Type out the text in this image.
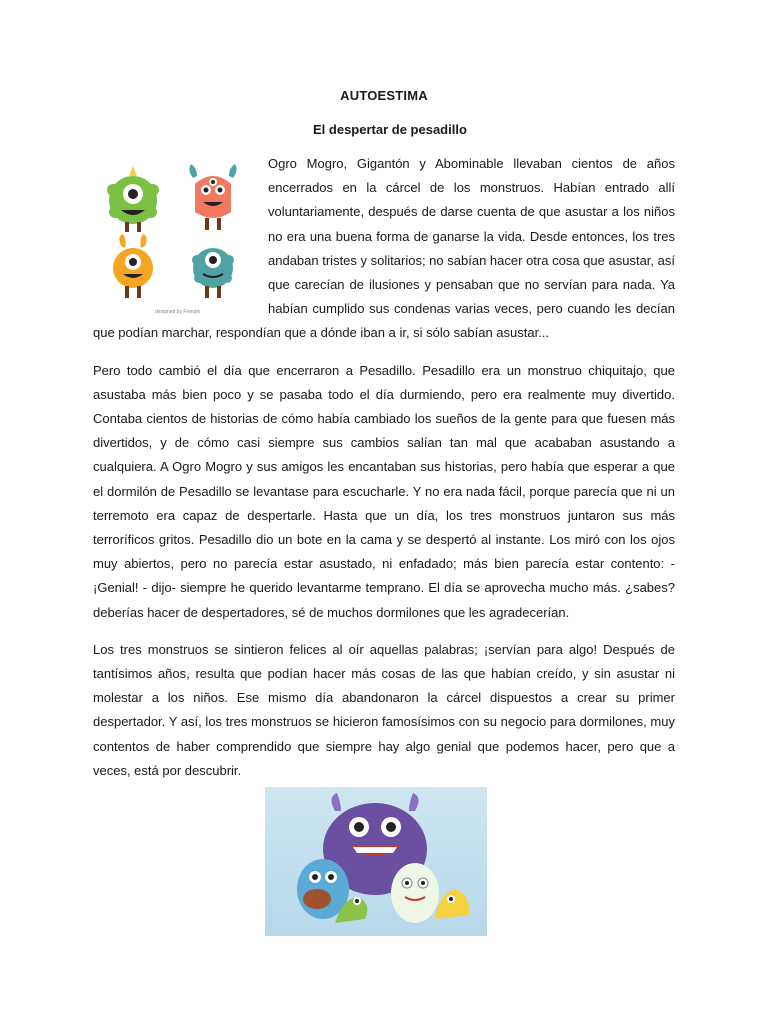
AUTOESTIMA
El despertar de pesadillo
designed by Freepik

Ogro Mogro, Gigantón y Abominable llevaban cientos de años encerrados en la cárcel de los monstruos. Habían entrado allí voluntariamente, después de darse cuenta de que asustar a los niños no era una buena forma de ganarse la vida. Desde entonces, los tres andaban tristes y solitarios; no sabían hacer otra cosa que asustar, así que carecían de ilusiones y pensaban que no servían para nada. Ya habían cumplido sus condenas varias veces, pero cuando les decían que podían marchar, respondían que a dónde iban a ir, si sólo sabían asustar...

Pero todo cambió el día que encerraron a Pesadillo. Pesadillo era un monstruo chiquitajo, que asustaba más bien poco y se pasaba todo el día durmiendo, pero era realmente muy divertido. Contaba cientos de historias de cómo había cambiado los sueños de la gente para que fuesen más divertidos, y de cómo casi siempre sus cambios salían tan mal que acababan asustando a cualquiera. A Ogro Mogro y sus amigos les encantaban sus historias, pero había que esperar a que el dormilón de Pesadillo se levantase para escucharle. Y no era nada fácil, porque parecía que ni un terremoto era capaz de despertarle. Hasta que un día, los tres monstruos juntaron sus más terroríficos gritos. Pesadillo dio un bote en la cama y se despertó al instante. Los miró con los ojos muy abiertos, pero no parecía estar asustado, ni enfadado; más bien parecía estar contento: - ¡Genial! - dijo- siempre he querido levantarme temprano. El día se aprovecha mucho más. ¿sabes? deberías hacer de despertadores, sé de muchos dormilones que les agradecerían.

Los tres monstruos se sintieron felices al oír aquellas palabras; ¡servían para algo! Después de tantísimos años, resulta que podían hacer más cosas de las que habían creído, y sin asustar ni molestar a los niños. Ese mismo día abandonaron la cárcel dispuestos a crear su primer despertador. Y así, los tres monstruos se hicieron famosísimos con su negocio para dormilones, muy contentos de haber comprendido que siempre hay algo genial que podemos hacer, pero que a veces, está por descubrir.
